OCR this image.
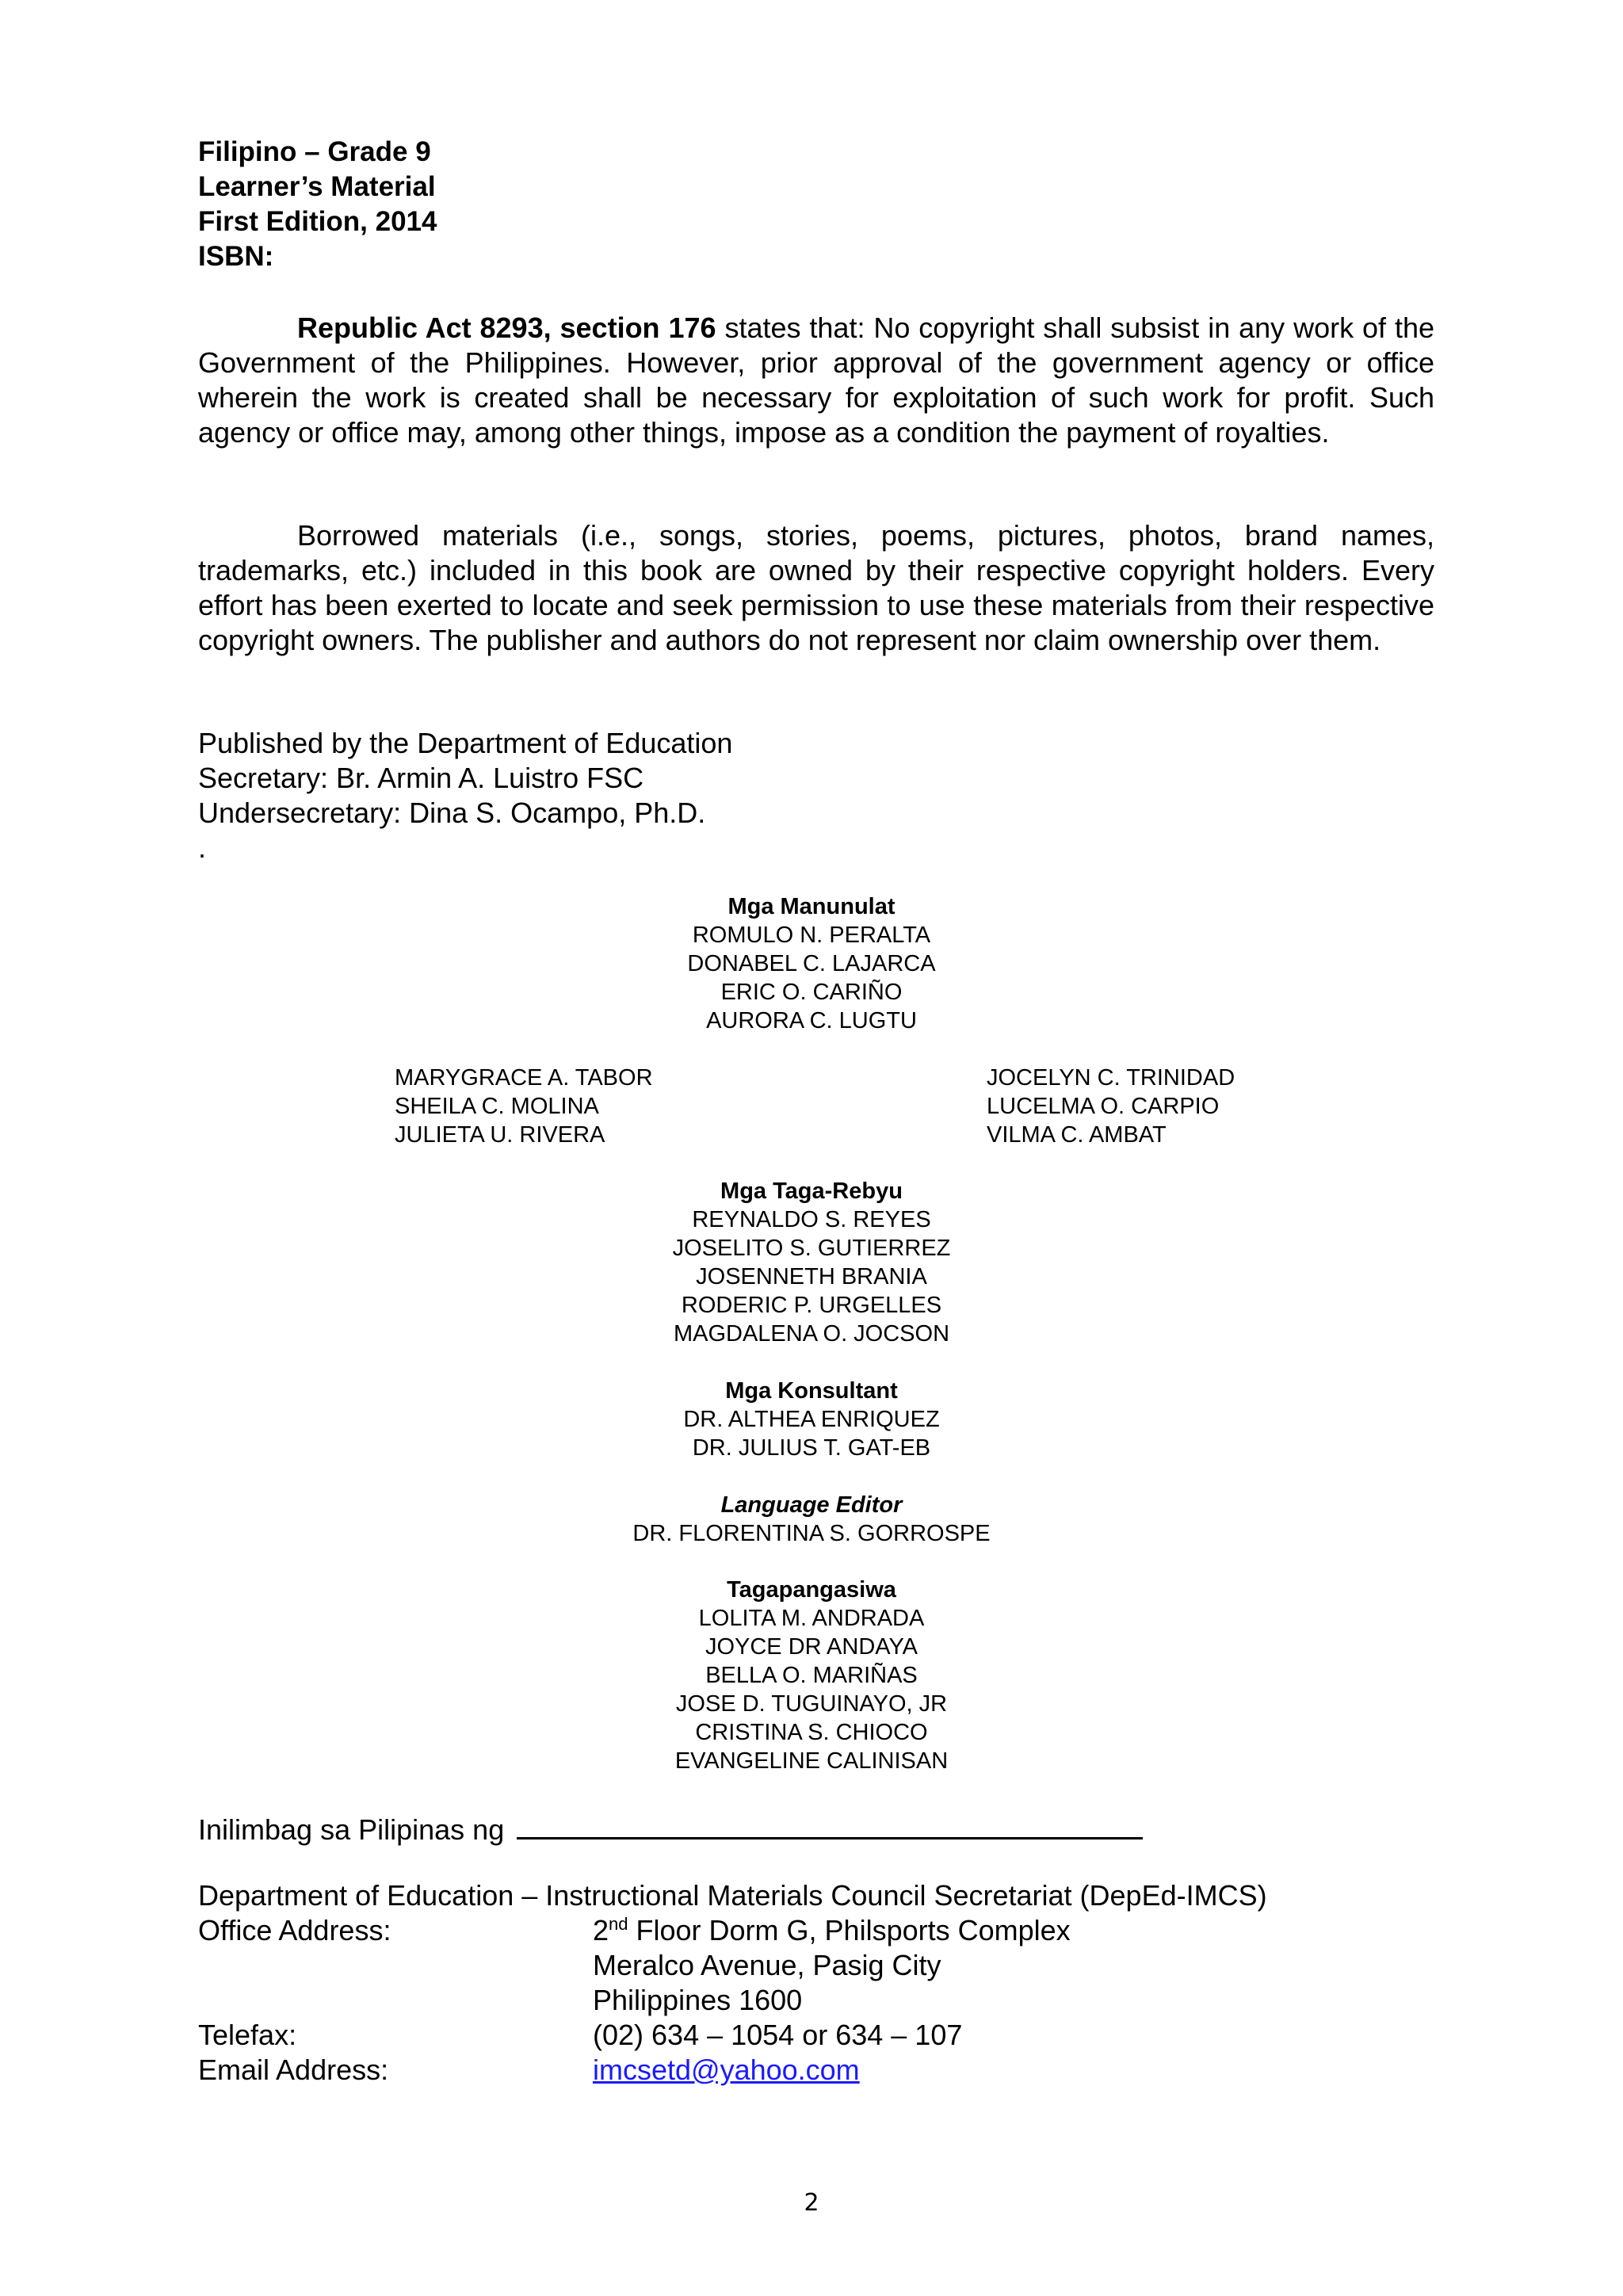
Filipino – Grade 9
Learner’s Material
First Edition, 2014
ISBN:
Republic Act 8293, section 176 states that: No copyright shall subsist in any work of the Government of the Philippines. However, prior approval of the government agency or office wherein the work is created shall be necessary for exploitation of such work for profit. Such agency or office may, among other things, impose as a condition the payment of royalties.
Borrowed materials (i.e., songs, stories, poems, pictures, photos, brand names, trademarks, etc.) included in this book are owned by their respective copyright holders. Every effort has been exerted to locate and seek permission to use these materials from their respective copyright owners. The publisher and authors do not represent nor claim ownership over them.
Published by the Department of Education
Secretary: Br. Armin A. Luistro FSC
Undersecretary: Dina S. Ocampo, Ph.D.
.
Mga Manunulat
ROMULO N. PERALTA
DONABEL C. LAJARCA
ERIC O. CARIÑO
AURORA C. LUGTU
MARYGRACE A. TABOR
SHEILA C. MOLINA
JULIETA U. RIVERA
JOCELYN C. TRINIDAD
LUCELMA O. CARPIO
VILMA C. AMBAT
Mga Taga-Rebyu
REYNALDO S. REYES
JOSELITO S. GUTIERREZ
JOSENNETH BRANIA
RODERIC P. URGELLES
MAGDALENA O. JOCSON
Mga Konsultant
DR. ALTHEA ENRIQUEZ
DR. JULIUS T. GAT-EB
Language Editor
DR. FLORENTINA S. GORROSPE
Tagapangasiwa
LOLITA M. ANDRADA
JOYCE DR ANDAYA
BELLA O. MARIÑAS
JOSE D. TUGUINAYO, JR
CRISTINA S. CHIOCO
EVANGELINE CALINISAN
Inilimbag sa Pilipinas ng
Department of Education – Instructional Materials Council Secretariat (DepEd-IMCS)
Office Address:	2nd Floor Dorm G, Philsports Complex
Meralco Avenue, Pasig City
Philippines 1600
Telefax:	(02) 634 – 1054 or 634 – 107
Email Address:	imcsetd@yahoo.com
2
